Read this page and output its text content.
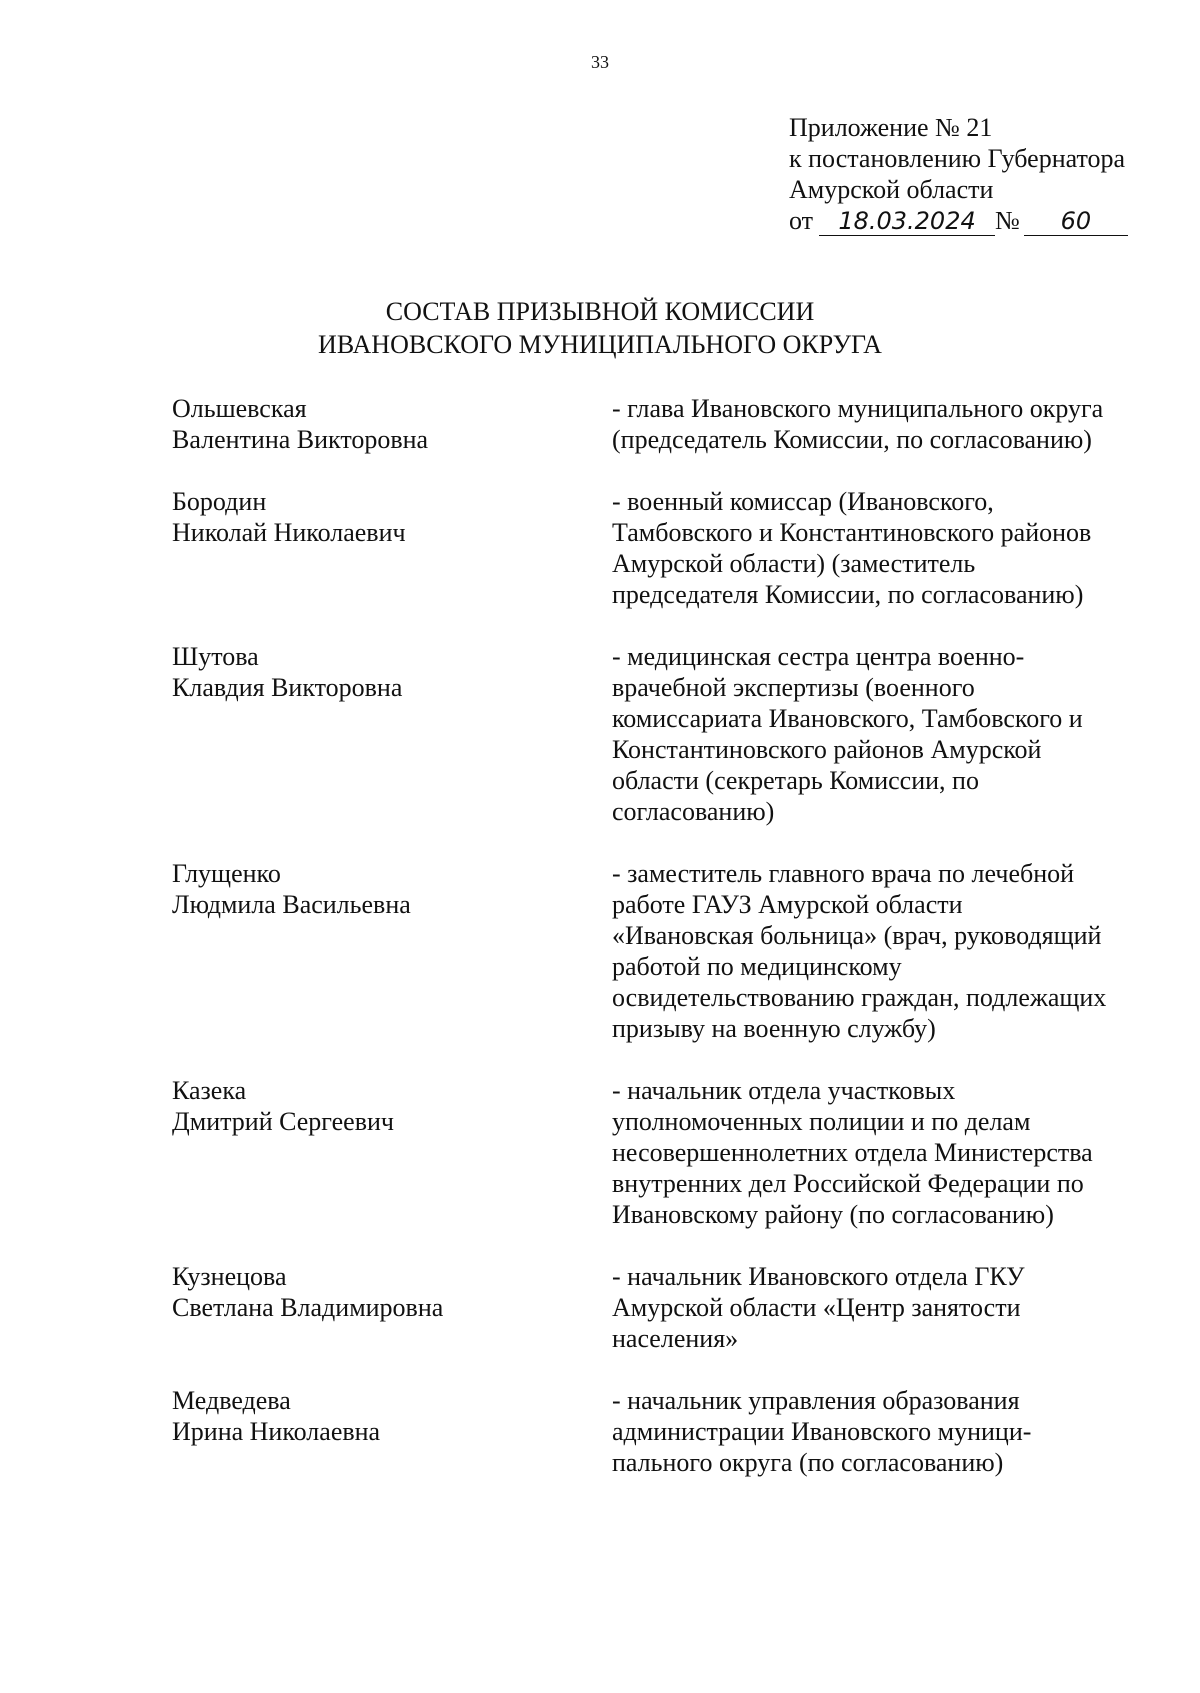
33
Приложение № 21
к постановлению Губернатора
Амурской области
от 18.03.2024 № 60
СОСТАВ ПРИЗЫВНОЙ КОМИССИИ
ИВАНОВСКОГО МУНИЦИПАЛЬНОГО ОКРУГА
Ольшевская
Валентина Викторовна
- глава Ивановского муниципального округа
(председатель Комиссии, по согласованию)
Бородин
Николай Николаевич
- военный комиссар (Ивановского,
Тамбовского и Константиновского районов
Амурской области) (заместитель
председателя Комиссии, по согласованию)
Шутова
Клавдия Викторовна
- медицинская сестра центра военно-
врачебной экспертизы (военного
комиссариата Ивановского, Тамбовского и
Константиновского районов Амурской
области (секретарь Комиссии, по
согласованию)
Глущенко
Людмила Васильевна
- заместитель главного врача по лечебной
работе ГАУЗ Амурской области
«Ивановская больница» (врач, руководящий
работой по медицинскому
освидетельствованию граждан, подлежащих
призыву на военную службу)
Казека
Дмитрий Сергеевич
- начальник отдела участковых
уполномоченных полиции и по делам
несовершеннолетних отдела Министерства
внутренних дел Российской Федерации по
Ивановскому району (по согласованию)
Кузнецова
Светлана Владимировна
- начальник Ивановского отдела ГКУ
Амурской области «Центр занятости
населения»
Медведева
Ирина Николаевна
- начальник управления образования
администрации Ивановского муници-
пального округа (по согласованию)
